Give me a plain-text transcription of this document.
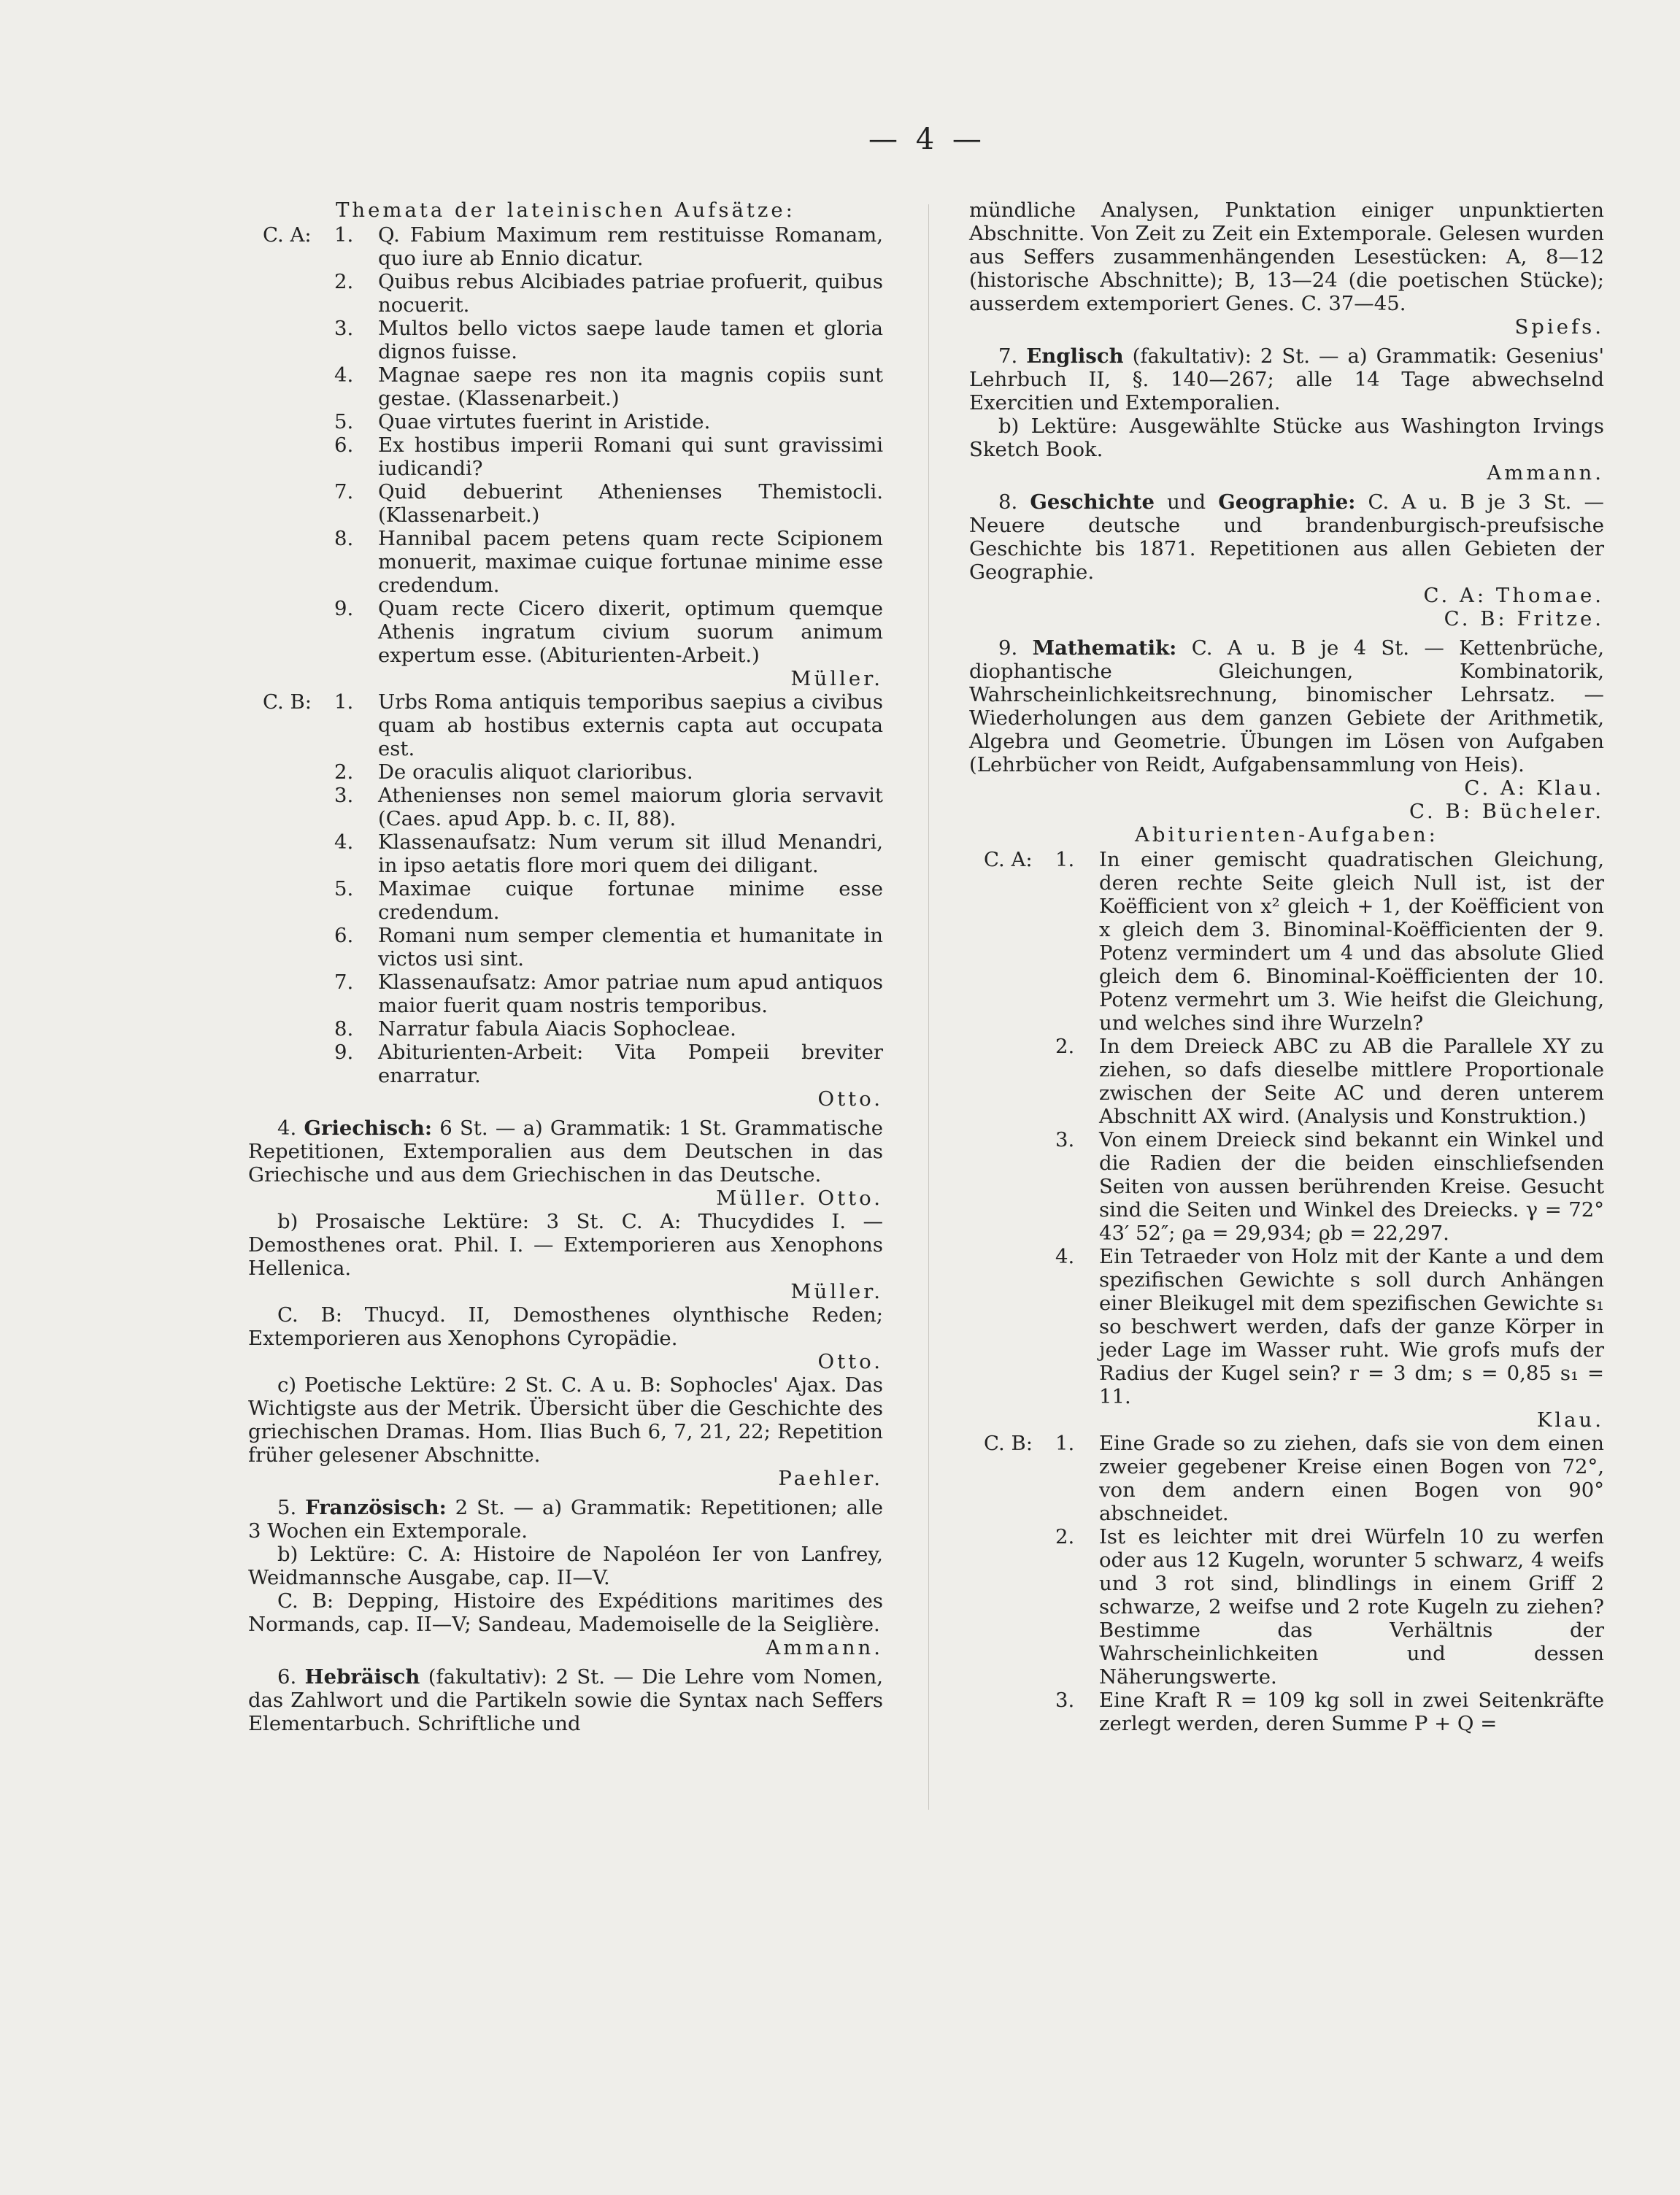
— 4 —
Themata der lateinischen Aufsätze:
C. A: 1. Q. Fabium Maximum rem restituisse Romanam, quo iure ab Ennio dicatur.
2. Quibus rebus Alcibiades patriae profuerit, quibus nocuerit.
3. Multos bello victos saepe laude tamen et gloria dignos fuisse.
4. Magnae saepe res non ita magnis copiis sunt gestae. (Klassenarbeit.)
5. Quae virtutes fuerint in Aristide.
6. Ex hostibus imperii Romani qui sunt gravissimi iudicandi?
7. Quid debuerint Athenienses Themistocli. (Klassenarbeit.)
8. Hannibal pacem petens quam recte Scipionem monuerit, maximae cuique fortunae minime esse credendum.
9. Quam recte Cicero dixerit, optimum quemque Athenis ingratum civium suorum animum expertum esse. (Abiturienten-Arbeit.)
Müller.
C. B: 1. Urbs Roma antiquis temporibus saepius a civibus quam ab hostibus externis capta aut occupata est.
2. De oraculis aliquot clarioribus.
3. Athenienses non semel maiorum gloria servavit (Caes. apud App. b. c. II, 88).
4. Klassenaufsatz: Num verum sit illud Menandri, in ipso aetatis flore mori quem dei diligant.
5. Maximae cuique fortunae minime esse credendum.
6. Romani num semper clementia et humanitate in victos usi sint.
7. Klassenaufsatz: Amor patriae num apud antiquos maior fuerit quam nostris temporibus.
8. Narratur fabula Aiacis Sophocleae.
9. Abiturienten-Arbeit: Vita Pompeii breviter enarratur.
Otto.
4. Griechisch: 6 St. — a) Grammatik: 1 St. Grammatische Repetitionen, Extemporalien aus dem Deutschen in das Griechische und aus dem Griechischen in das Deutsche.
Müller. Otto.
b) Prosaische Lektüre: 3 St. C. A: Thucydides I. — Demosthenes orat. Phil. I. — Extemporieren aus Xenophons Hellenica.
Müller.
C. B: Thucyd. II, Demosthenes olynthische Reden; Extemporieren aus Xenophons Cyropädie.
Otto.
c) Poetische Lektüre: 2 St. C. A u. B: Sophocles' Ajax. Das Wichtigste aus der Metrik. Übersicht über die Geschichte des griechischen Dramas. Hom. Ilias Buch 6, 7, 21, 22; Repetition früher gelesener Abschnitte.
Paehler.
5. Französisch: 2 St. — a) Grammatik: Repetitionen; alle 3 Wochen ein Extemporale.
b) Lektüre: C. A: Histoire de Napoléon Ier von Lanfrey, Weidmannsche Ausgabe, cap. II—V.
C. B: Depping, Histoire des Expéditions maritimes des Normands, cap. II—V; Sandeau, Mademoiselle de la Seiglière.
Ammann.
6. Hebräisch (fakultativ): 2 St. — Die Lehre vom Nomen, das Zahlwort und die Partikeln sowie die Syntax nach Seffers Elementarbuch. Schriftliche und
mündliche Analysen, Punktation einiger unpunktierten Abschnitte. Von Zeit zu Zeit ein Extemporale. Gelesen wurden aus Seffers zusammenhängenden Lesestücken: A, 8—12 (historische Abschnitte); B, 13—24 (die poetischen Stücke); ausserdem extemporiert Genes. C. 37—45.
Spiefs.
7. Englisch (fakultativ): 2 St. — a) Grammatik: Gesenius' Lehrbuch II, §. 140—267; alle 14 Tage abwechselnd Exercitien und Extemporalien.
b) Lektüre: Ausgewählte Stücke aus Washington Irvings Sketch Book.
Ammann.
8. Geschichte und Geographie: C. A u. B je 3 St. — Neuere deutsche und brandenburgisch-preufsische Geschichte bis 1871. Repetitionen aus allen Gebieten der Geographie.
C. A: Thomae.
C. B: Fritze.
9. Mathematik: C. A u. B je 4 St. — Kettenbrüche, diophantische Gleichungen, Kombinatorik, Wahrscheinlichkeitsrechnung, binomischer Lehrsatz. — Wiederholungen aus dem ganzen Gebiete der Arithmetik, Algebra und Geometrie. Übungen im Lösen von Aufgaben (Lehrbücher von Reidt, Aufgabensammlung von Heis).
C. A: Klau.
C. B: Bücheler.
Abiturienten-Aufgaben:
C. A: 1. In einer gemischt quadratischen Gleichung, deren rechte Seite gleich Null ist, ist der Koëfficient von x² gleich + 1, der Koëfficient von x gleich dem 3. Binominal-Koëfficienten der 9. Potenz vermindert um 4 und das absolute Glied gleich dem 6. Binominal-Koëfficienten der 10. Potenz vermehrt um 3. Wie heifst die Gleichung, und welches sind ihre Wurzeln?
2. In dem Dreieck ABC zu AB die Parallele XY zu ziehen, so dafs dieselbe mittlere Proportionale zwischen der Seite AC und deren unterem Abschnitt AX wird. (Analysis und Konstruktion.)
3. Von einem Dreieck sind bekannt ein Winkel und die Radien der die beiden einschliefsenden Seiten von aussen berührenden Kreise. Gesucht sind die Seiten und Winkel des Dreiecks. γ = 72° 43′ 52″; ϱa = 29,934; ϱb = 22,297.
4. Ein Tetraeder von Holz mit der Kante a und dem spezifischen Gewichte s soll durch Anhängen einer Bleikugel mit dem spezifischen Gewichte s₁ so beschwert werden, dafs der ganze Körper in jeder Lage im Wasser ruht. Wie grofs mufs der Radius der Kugel sein? r = 3 dm; s = 0,85 s₁ = 11.
Klau.
C. B: 1. Eine Grade so zu ziehen, dafs sie von dem einen zweier gegebener Kreise einen Bogen von 72°, von dem andern einen Bogen von 90° abschneidet.
2. Ist es leichter mit drei Würfeln 10 zu werfen oder aus 12 Kugeln, worunter 5 schwarz, 4 weifs und 3 rot sind, blindlings in einem Griff 2 schwarze, 2 weifse und 2 rote Kugeln zu ziehen? Bestimme das Verhältnis der Wahrscheinlichkeiten und dessen Näherungswerte.
3. Eine Kraft R = 109 kg soll in zwei Seitenkräfte zerlegt werden, deren Summe P + Q =
